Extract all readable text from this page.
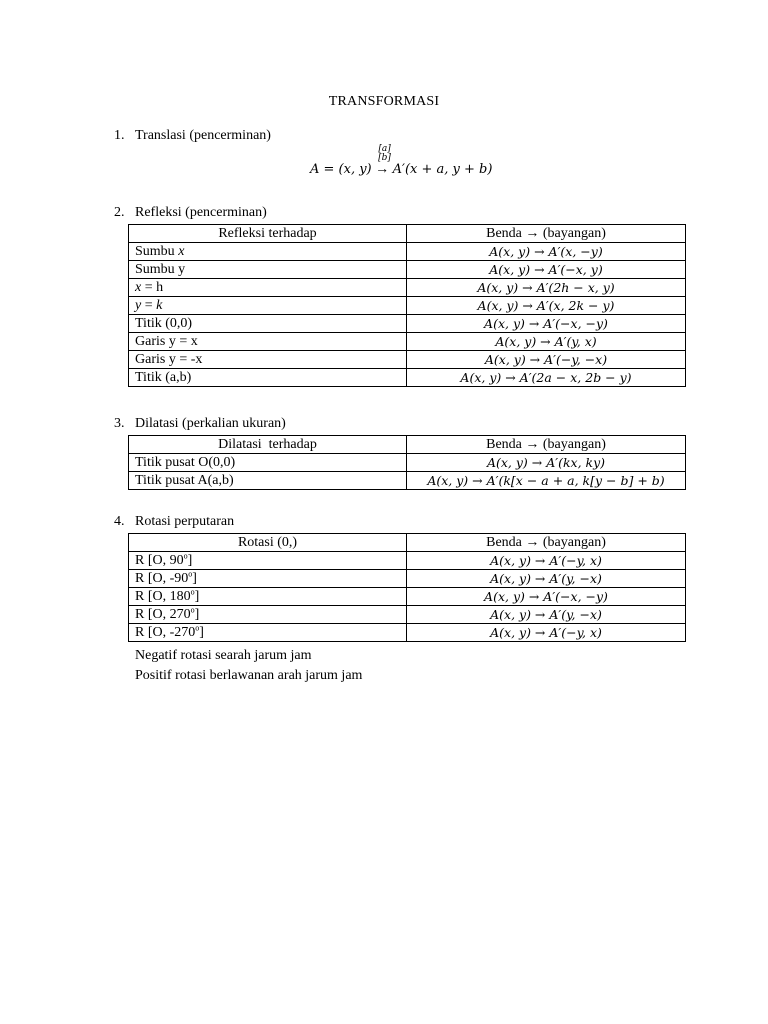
TRANSFORMASI
1. Translasi (pencerminan)
A = (x, y)
[a]
[b]
→ A′(x + a, y + b)
2. Refleksi (pencerminan)
Refleksi terhadap	Benda → (bayangan)
Sumbu x	A(x, y) → A′(x, −y)
Sumbu y	A(x, y) → A′(−x, y)
x = h	A(x, y) → A′(2h − x, y)
y = k	A(x, y) → A′(x, 2k − y)
Titik (0,0)	A(x, y) → A′(−x, −y)
Garis y = x	A(x, y) → A′(y, x)
Garis y = -x	A(x, y) → A′(−y, −x)
Titik (a,b)	A(x, y) → A′(2a − x, 2b − y)
3. Dilatasi (perkalian ukuran)
Dilatasi  terhadap	Benda → (bayangan)
Titik pusat O(0,0)	A(x, y) → A′(kx, ky)
Titik pusat A(a,b)	A(x, y) → A′(k[x − a + a, k[y − b] + b)
4. Rotasi perputaran
Rotasi (0,)	Benda → (bayangan)
R [O, 90$^o$]	A(x, y) → A′(−y, x)
R [O, -90$^o$]	A(x, y) → A′(y, −x)
R [O, 180$^o$]	A(x, y) → A′(−x, −y)
R [O, 270$^o$]	A(x, y) → A′(y, −x)
R [O, -270$^o$]	A(x, y) → A′(−y, x)
Negatif rotasi searah jarum jam
Positif rotasi berlawanan arah jarum jam
